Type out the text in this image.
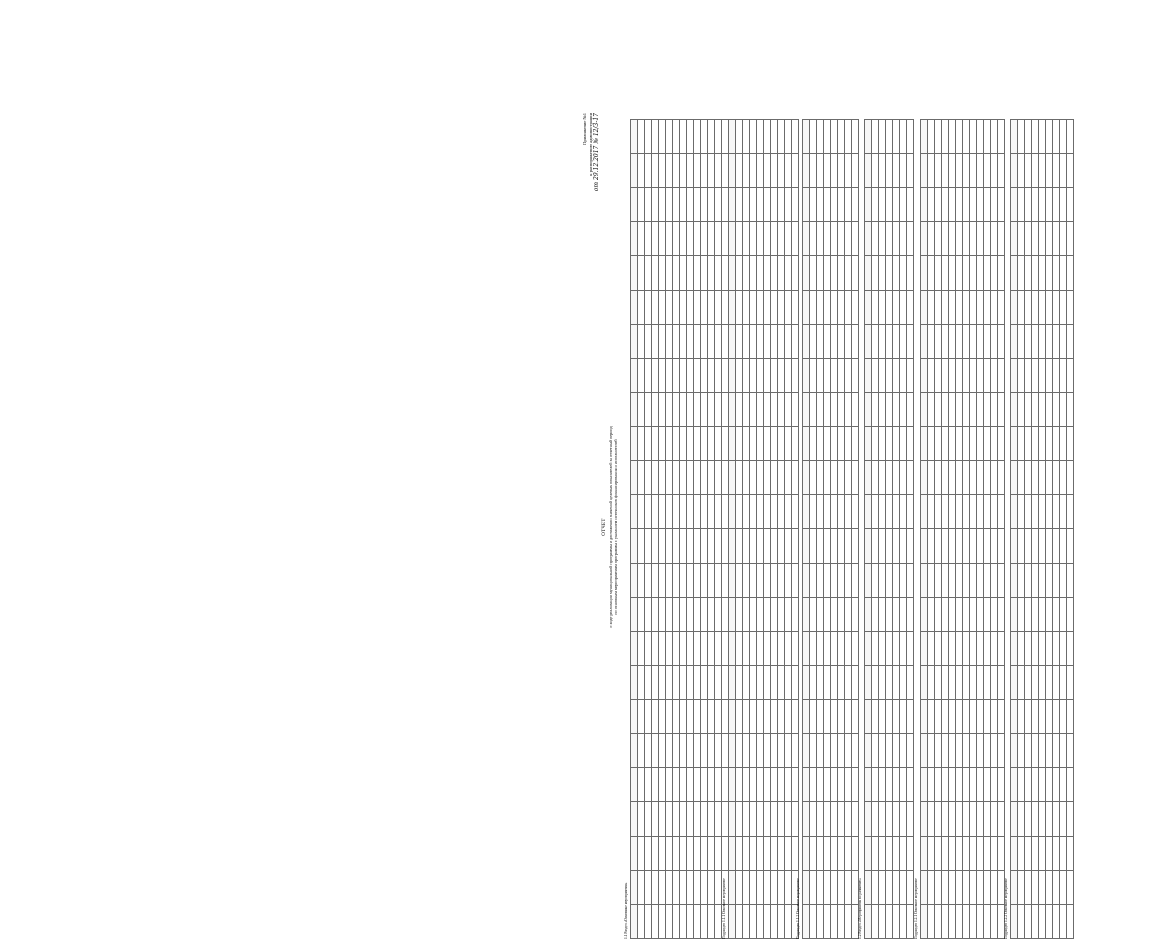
Приложение №1 к распоряжению администрации от 29.12.2017 № 12/3-17
ОТЧЕТ о ходе реализации муниципальной программы и достижении значений целевых показателей за отчетный период по основным мероприятиям программы с указанием источников финансирования и исполнителей
1.1 Раздел «Основные мероприятия»

																								Подраздел 1.1.1 Основное мероприятие

																								Подраздел 1.1.2 Основное мероприятие

																								1.2 Раздел «Мероприятия по развитию»

																								Подраздел 1.2.1 Основное мероприятие

																								Подраздел 1.2.2 Основное мероприятие
